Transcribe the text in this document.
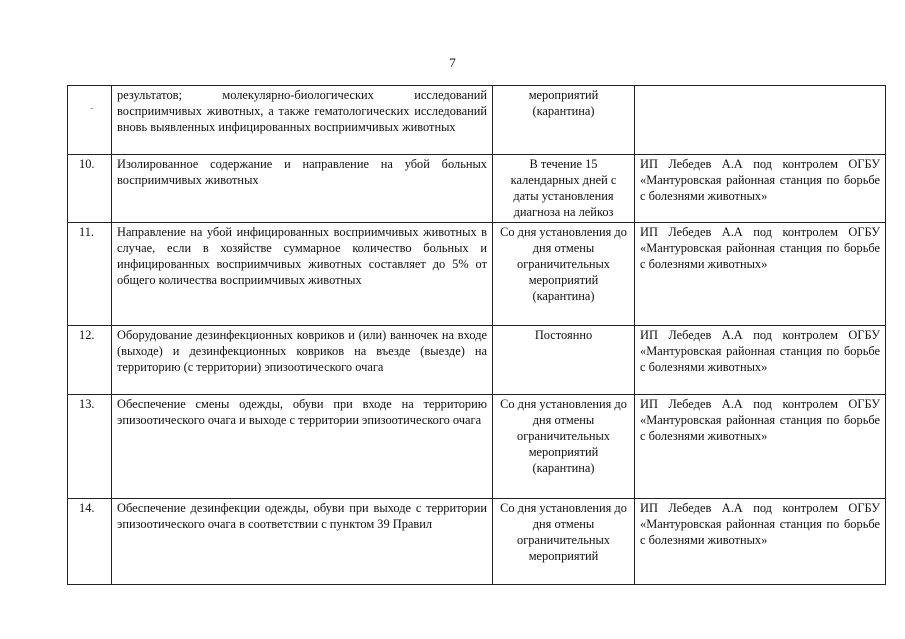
7
-	результатов; молекулярно-биологических исследований восприимчивых животных, а также гематологических исследований вновь выявленных инфицированных восприимчивых животных	мероприятий (карантина)	

10.	Изолированное содержание и направление на убой больных восприимчивых животных	В течение 15 календарных дней с даты установления диагноза на лейкоз	ИП Лебедев А.А под контролем ОГБУ «Мантуровская районная станция по борьбе с болезнями животных»

11.	Направление на убой инфицированных восприимчивых животных в случае, если в хозяйстве суммарное количество больных и инфицированных восприимчивых животных составляет до 5% от общего количества восприимчивых животных	Со дня установления до дня отмены ограничительных мероприятий (карантина)	ИП Лебедев А.А под контролем ОГБУ «Мантуровская районная станция по борьбе с болезнями животных»

12.	Оборудование дезинфекционных ковриков и (или) ванночек на входе (выходе) и дезинфекционных ковриков на въезде (выезде) на территорию (с территории) эпизоотического очага	Постоянно	ИП Лебедев А.А под контролем ОГБУ «Мантуровская районная станция по борьбе с болезнями животных»

13.	Обеспечение смены одежды, обуви при входе на территорию эпизоотического очага и выходе с территории эпизоотического очага	Со дня установления до дня отмены ограничительных мероприятий (карантина)	ИП Лебедев А.А под контролем ОГБУ «Мантуровская районная станция по борьбе с болезнями животных»

14.	Обеспечение дезинфекции одежды, обуви при выходе с территории эпизоотического очага в соответствии с пунктом 39 Правил	Со дня установления до дня отмены ограничительных мероприятий	ИП Лебедев А.А под контролем ОГБУ «Мантуровская районная станция по борьбе с болезнями животных»
